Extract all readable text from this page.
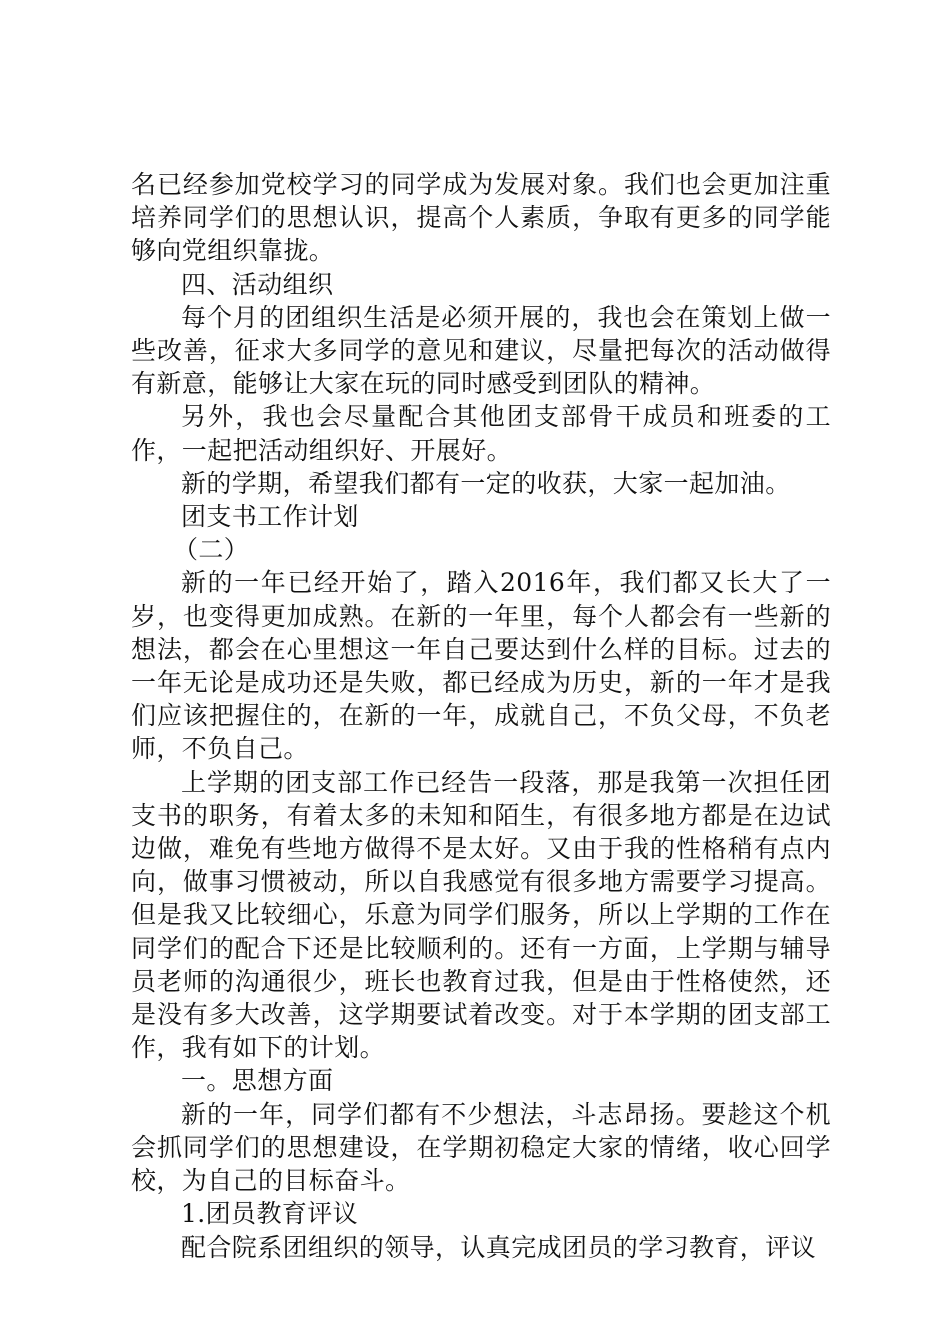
名已经参加党校学习的同学成为发展对象。我们也会更加注重培养同学们的思想认识，提高个人素质，争取有更多的同学能够向党组织靠拢。

四、活动组织

每个月的团组织生活是必须开展的，我也会在策划上做一些改善，征求大多同学的意见和建议，尽量把每次的活动做得有新意，能够让大家在玩的同时感受到团队的精神。

另外，我也会尽量配合其他团支部骨干成员和班委的工作，一起把活动组织好、开展好。

新的学期，希望我们都有一定的收获，大家一起加油。

团支书工作计划

（二）

新的一年已经开始了，踏入2016年，我们都又长大了一岁，也变得更加成熟。在新的一年里，每个人都会有一些新的想法，都会在心里想这一年自己要达到什么样的目标。过去的一年无论是成功还是失败，都已经成为历史，新的一年才是我们应该把握住的，在新的一年，成就自己，不负父母，不负老师，不负自己。

上学期的团支部工作已经告一段落，那是我第一次担任团支书的职务，有着太多的未知和陌生，有很多地方都是在边试边做，难免有些地方做得不是太好。又由于我的性格稍有点内向，做事习惯被动，所以自我感觉有很多地方需要学习提高。但是我又比较细心，乐意为同学们服务，所以上学期的工作在同学们的配合下还是比较顺利的。还有一方面，上学期与辅导员老师的沟通很少，班长也教育过我，但是由于性格使然，还是没有多大改善，这学期要试着改变。对于本学期的团支部工作，我有如下的计划。

一。思想方面

新的一年，同学们都有不少想法，斗志昂扬。要趁这个机会抓同学们的思想建设，在学期初稳定大家的情绪，收心回学校，为自己的目标奋斗。

1.团员教育评议

配合院系团组织的领导，认真完成团员的学习教育，评议
